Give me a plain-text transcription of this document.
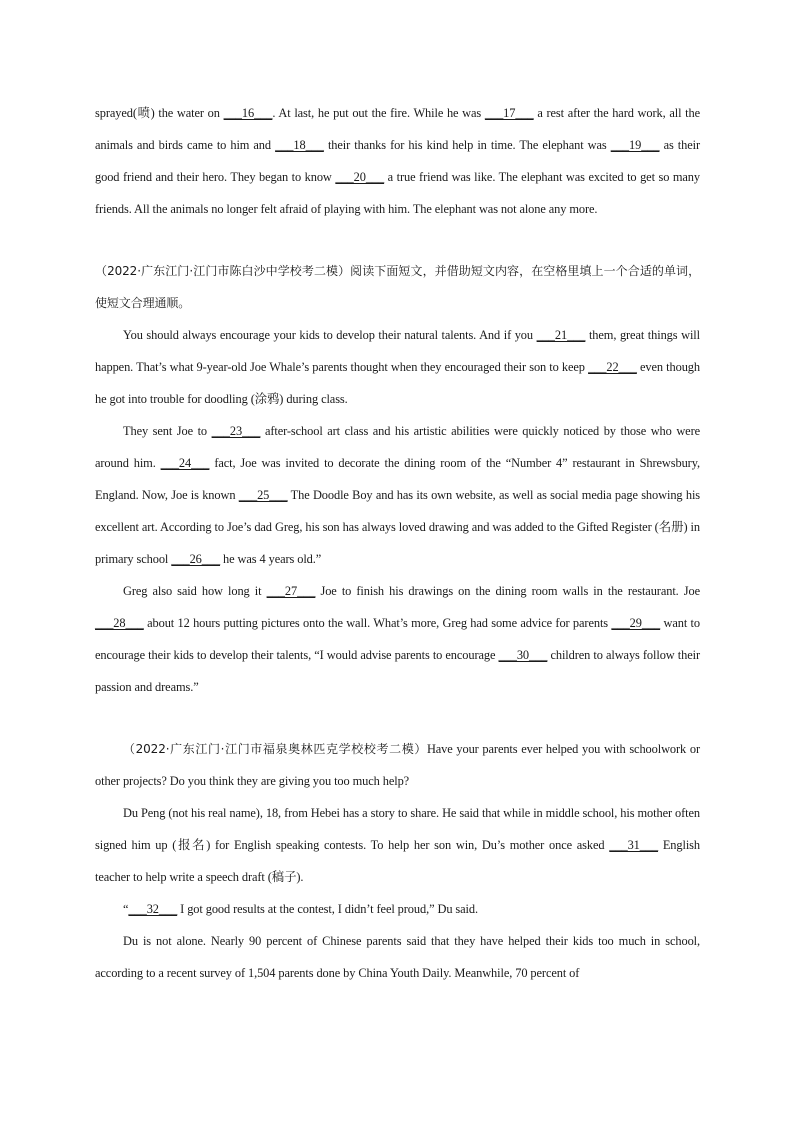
sprayed(喷) the water on ___16___. At last, he put out the fire. While he was ___17___ a rest after the hard work, all the animals and birds came to him and ___18___ their thanks for his kind help in time. The elephant was ___19___ as their good friend and their hero. They began to know ___20___ a true friend was like. The elephant was excited to get so many friends. All the animals no longer felt afraid of playing with him. The elephant was not alone any more.

（2022·广东江门·江门市陈白沙中学校考二模）阅读下面短文，并借助短文内容，在空格里填上一个合适的单词，使短文合理通顺。

You should always encourage your kids to develop their natural talents. And if you ___21___ them, great things will happen. That’s what 9-year-old Joe Whale’s parents thought when they encouraged their son to keep ___22___ even though he got into trouble for doodling (涂鸦) during class.

They sent Joe to ___23___ after-school art class and his artistic abilities were quickly noticed by those who were around him. ___24___ fact, Joe was invited to decorate the dining room of the “Number 4” restaurant in Shrewsbury, England. Now, Joe is known ___25___ The Doodle Boy and has its own website, as well as social media page showing his excellent art. According to Joe’s dad Greg, his son has always loved drawing and was added to the Gifted Register (名册) in primary school ___26___ he was 4 years old.”

Greg also said how long it ___27___ Joe to finish his drawings on the dining room walls in the restaurant. Joe ___28___ about 12 hours putting pictures onto the wall. What’s more, Greg had some advice for parents ___29___ want to encourage their kids to develop their talents, “I would advise parents to encourage ___30___ children to always follow their passion and dreams.”

（2022·广东江门·江门市福泉奥林匹克学校校考二模）Have your parents ever helped you with schoolwork or other projects? Do you think they are giving you too much help?

Du Peng (not his real name), 18, from Hebei has a story to share. He said that while in middle school, his mother often signed him up (报名) for English speaking contests. To help her son win, Du’s mother once asked ___31___ English teacher to help write a speech draft (稿子).

“___32___ I got good results at the contest, I didn’t feel proud,” Du said.

Du is not alone. Nearly 90 percent of Chinese parents said that they have helped their kids too much in school, according to a recent survey of 1,504 parents done by China Youth Daily. Meanwhile, 70 percent of
